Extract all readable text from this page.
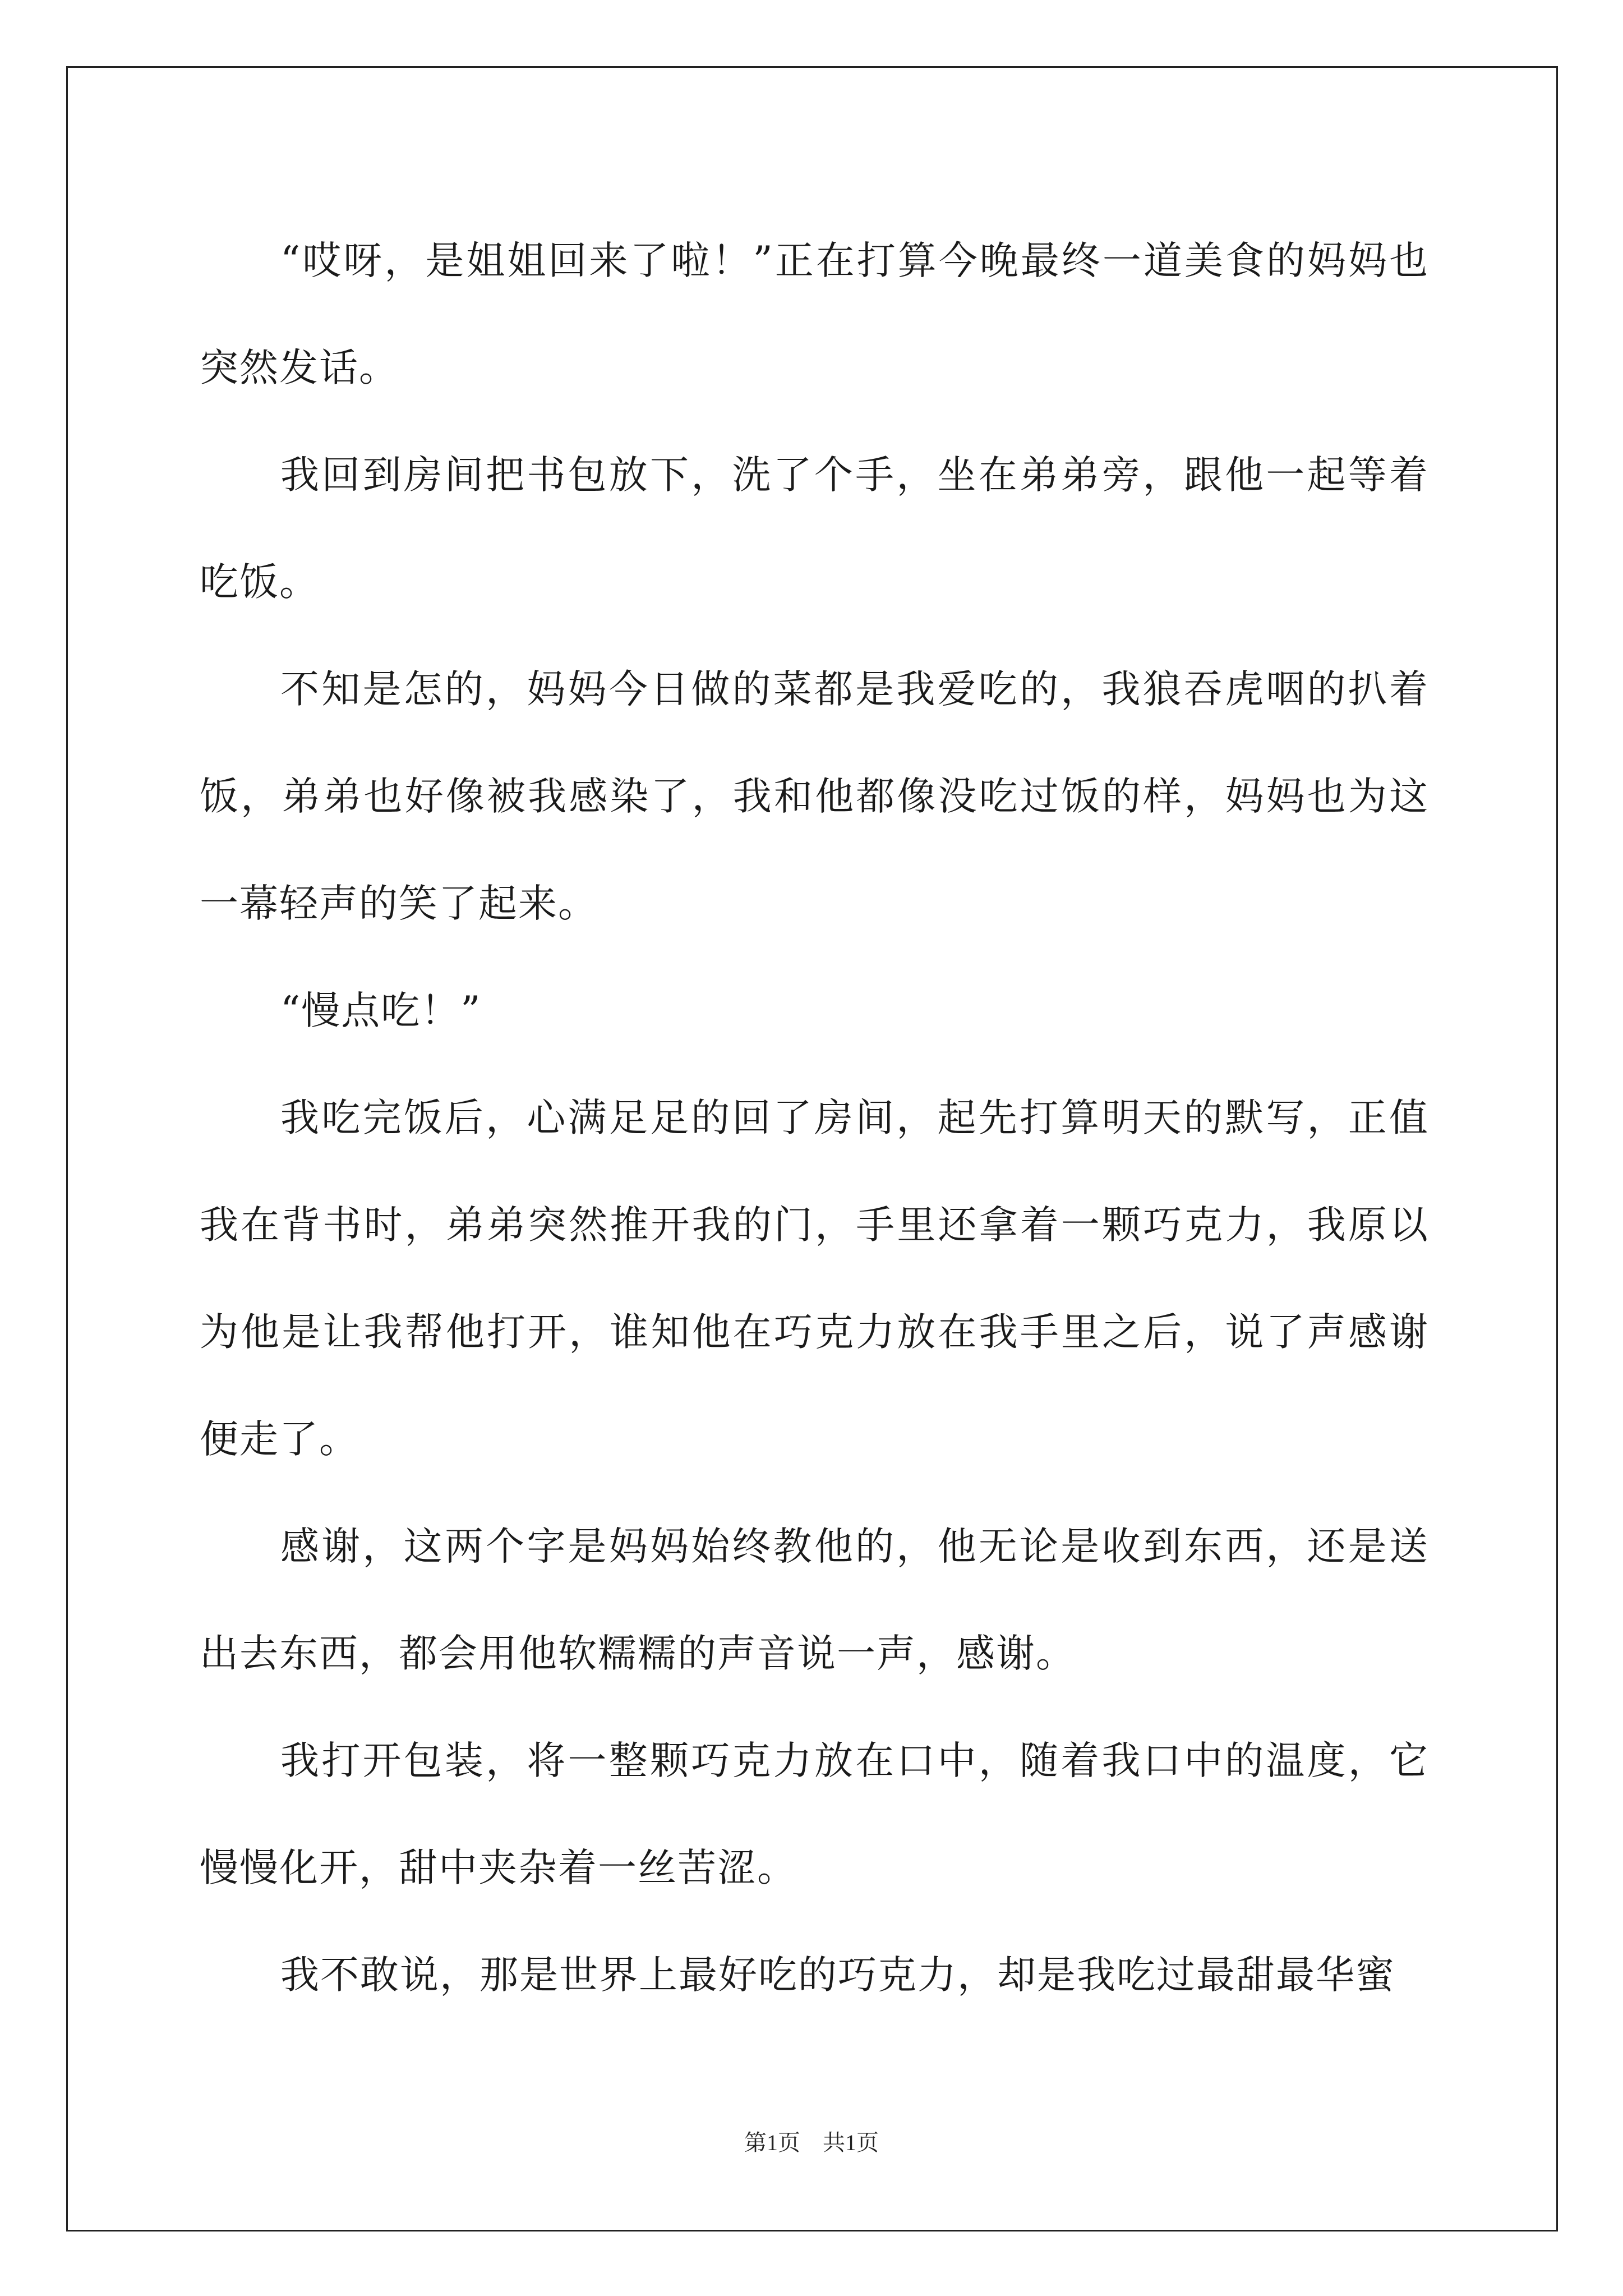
“哎呀，是姐姐回来了啦！”正在打算今晚最终一道美食的妈妈也突然发话。

我回到房间把书包放下，洗了个手，坐在弟弟旁，跟他一起等着吃饭。

不知是怎的，妈妈今日做的菜都是我爱吃的，我狼吞虎咽的扒着饭，弟弟也好像被我感染了，我和他都像没吃过饭的样，妈妈也为这一幕轻声的笑了起来。

“慢点吃！”

我吃完饭后，心满足足的回了房间，起先打算明天的默写，正值我在背书时，弟弟突然推开我的门，手里还拿着一颗巧克力，我原以为他是让我帮他打开，谁知他在巧克力放在我手里之后，说了声感谢便走了。

感谢，这两个字是妈妈始终教他的，他无论是收到东西，还是送出去东西，都会用他软糯糯的声音说一声，感谢。

我打开包装，将一整颗巧克力放在口中，随着我口中的温度，它慢慢化开，甜中夹杂着一丝苦涩。

我不敢说，那是世界上最好吃的巧克力，却是我吃过最甜最华蜜

第1页 共1页
